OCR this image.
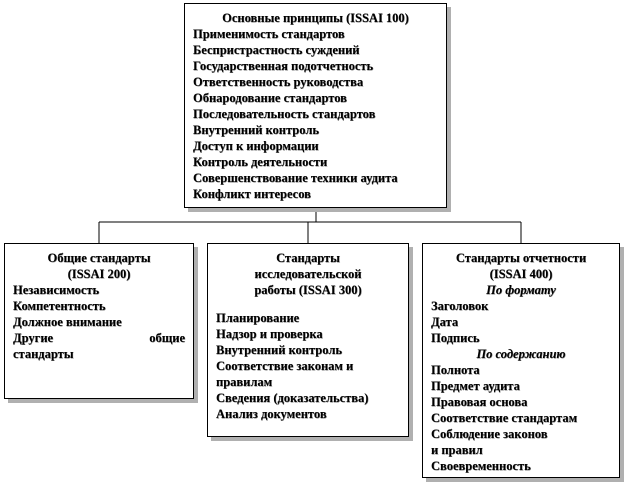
Основные принципы (ISSAI 100)
Применимость стандартов
Беспристрастность суждений
Государственная подотчетность
Ответственность руководства
Обнародование стандартов
Последовательность стандартов
Внутренний контроль
Доступ к информации
Контроль деятельности
Совершенствование техники аудита
Конфликт интересов
Общие стандарты
(ISSAI 200)
Независимость
Компетентность
Должное внимание
Другие	общие
стандарты
Стандарты
исследовательской
работы (ISSAI 300)
Планирование
Надзор и проверка
Внутренний контроль
Соответствие законам и
правилам
Сведения (доказательства)
Анализ документов
Стандарты отчетности
(ISSAI 400)
По формату
Заголовок
Дата
Подпись
По содержанию
Полнота
Предмет аудита
Правовая основа
Соответствие стандартам
Соблюдение законов
и правил
Своевременность
